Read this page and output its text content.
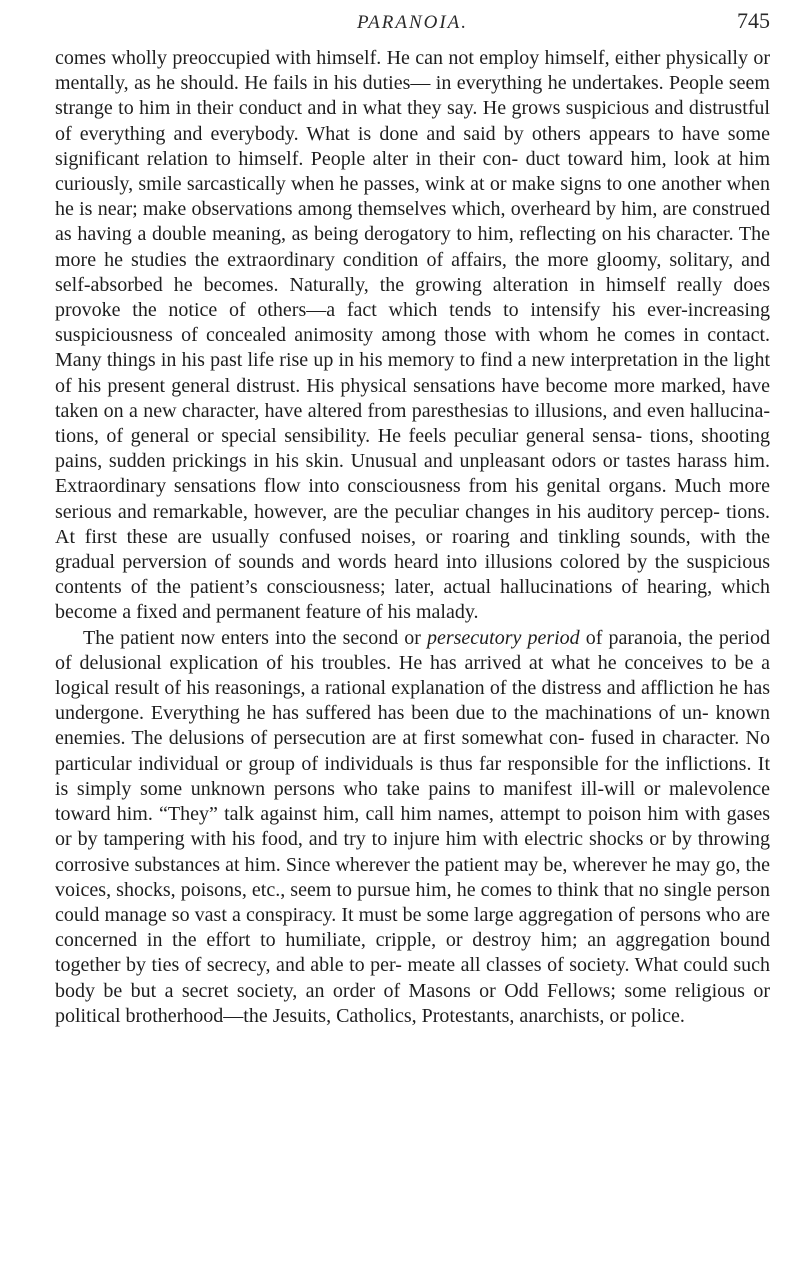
PARANOIA.	745

comes wholly preoccupied with himself. He can not employ himself, either physically or mentally, as he should. He fails in his duties— in everything he undertakes. People seem strange to him in their conduct and in what they say. He grows suspicious and distrustful of everything and everybody. What is done and said by others appears to have some significant relation to himself. People alter in their con- duct toward him, look at him curiously, smile sarcastically when he passes, wink at or make signs to one another when he is near; make observations among themselves which, overheard by him, are construed as having a double meaning, as being derogatory to him, reflecting on his character. The more he studies the extraordinary condition of affairs, the more gloomy, solitary, and self-absorbed he becomes. Naturally, the growing alteration in himself really does provoke the notice of others—a fact which tends to intensify his ever-increasing suspiciousness of concealed animosity among those with whom he comes in contact. Many things in his past life rise up in his memory to find a new interpretation in the light of his present general distrust. His physical sensations have become more marked, have taken on a new character, have altered from paresthesias to illusions, and even hallucina- tions, of general or special sensibility. He feels peculiar general sensa- tions, shooting pains, sudden prickings in his skin. Unusual and unpleasant odors or tastes harass him. Extraordinary sensations flow into consciousness from his genital organs. Much more serious and remarkable, however, are the peculiar changes in his auditory percep- tions. At first these are usually confused noises, or roaring and tinkling sounds, with the gradual perversion of sounds and words heard into illusions colored by the suspicious contents of the patient’s consciousness; later, actual hallucinations of hearing, which become a fixed and permanent feature of his malady.

The patient now enters into the second or persecutory period of paranoia, the period of delusional explication of his troubles. He has arrived at what he conceives to be a logical result of his reasonings, a rational explanation of the distress and affliction he has undergone. Everything he has suffered has been due to the machinations of un- known enemies. The delusions of persecution are at first somewhat con- fused in character. No particular individual or group of individuals is thus far responsible for the inflictions. It is simply some unknown persons who take pains to manifest ill-will or malevolence toward him. “They” talk against him, call him names, attempt to poison him with gases or by tampering with his food, and try to injure him with electric shocks or by throwing corrosive substances at him. Since wherever the patient may be, wherever he may go, the voices, shocks, poisons, etc., seem to pursue him, he comes to think that no single person could manage so vast a conspiracy. It must be some large aggregation of persons who are concerned in the effort to humiliate, cripple, or destroy him; an aggregation bound together by ties of secrecy, and able to per- meate all classes of society. What could such body be but a secret society, an order of Masons or Odd Fellows; some religious or political brotherhood—the Jesuits, Catholics, Protestants, anarchists, or police.
